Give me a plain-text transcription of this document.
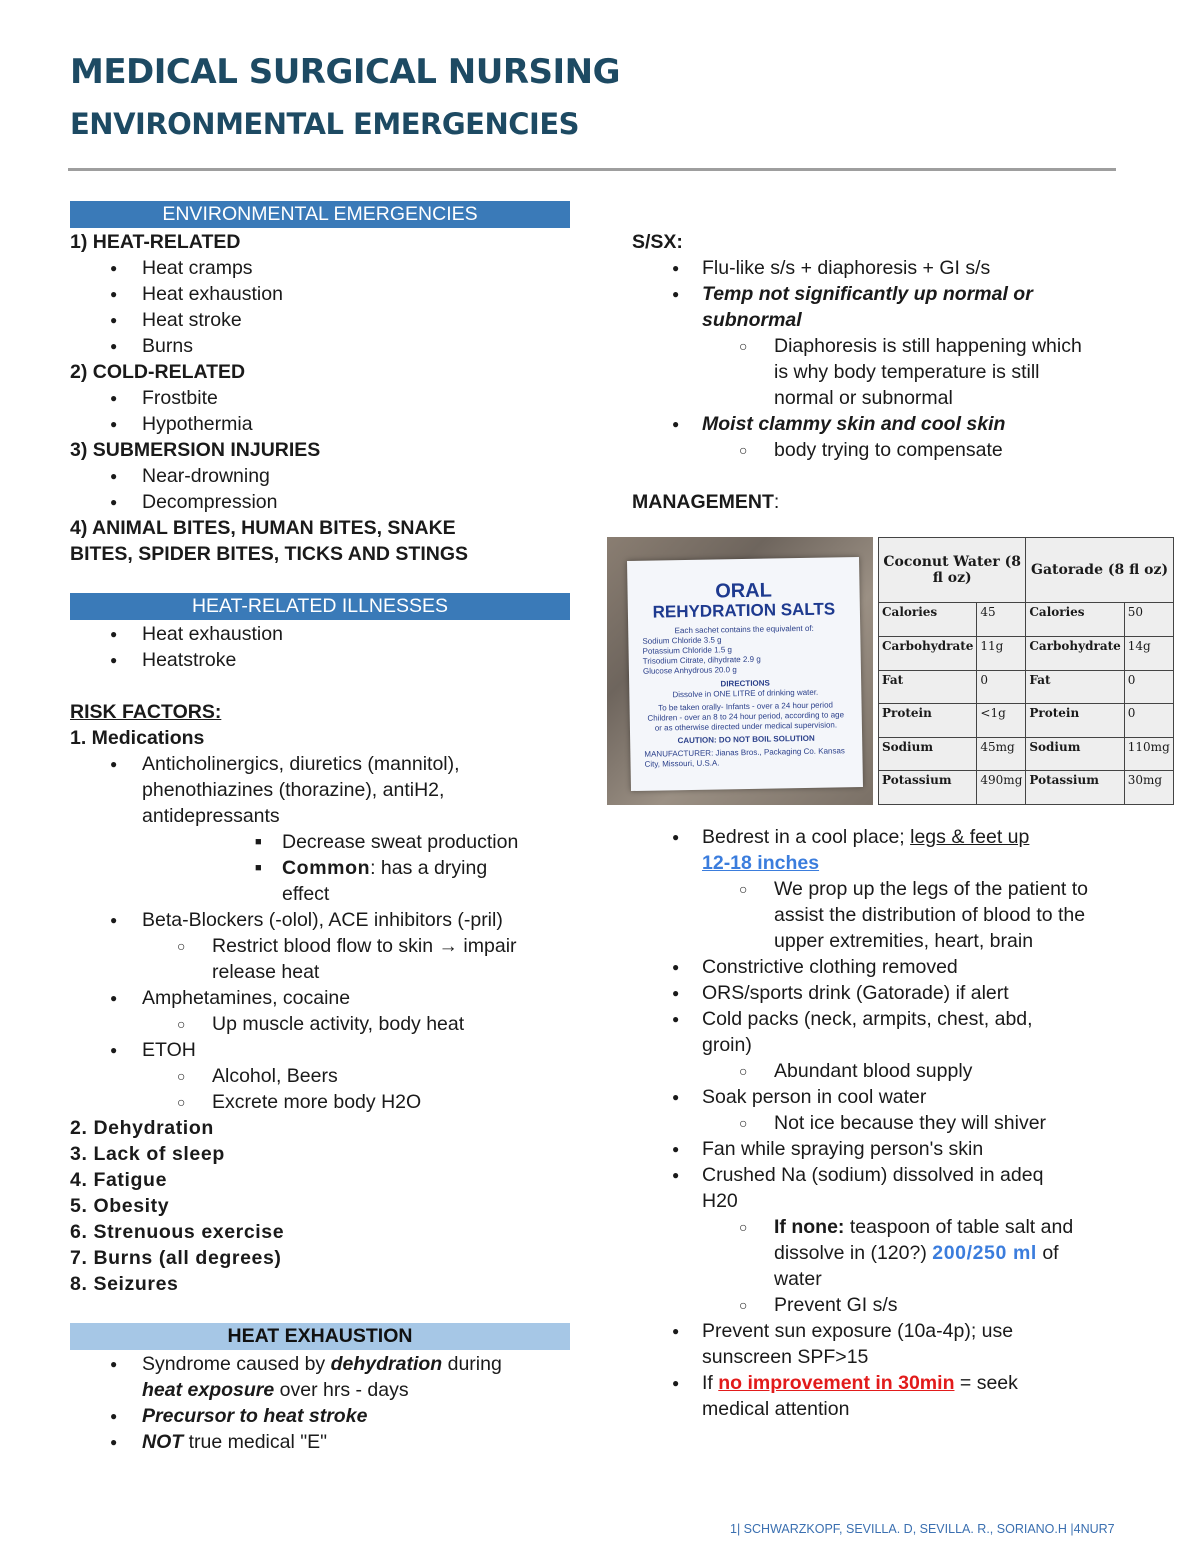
MEDICAL SURGICAL NURSING
ENVIRONMENTAL EMERGENCIES
ENVIRONMENTAL EMERGENCIES
1) HEAT-RELATED
● Heat cramps
● Heat exhaustion
● Heat stroke
● Burns
2) COLD-RELATED
● Frostbite
● Hypothermia
3) SUBMERSION INJURIES
● Near-drowning
● Decompression
4) ANIMAL BITES, HUMAN BITES, SNAKE
BITES, SPIDER BITES, TICKS AND STINGS
HEAT-RELATED ILLNESSES
● Heat exhaustion
● Heatstroke
RISK FACTORS:
1. Medications
● Anticholinergics, diuretics (mannitol),
phenothiazines (thorazine), antiH2,
antidepressants
■ Decrease sweat production
■ Common: has a drying
effect
● Beta-Blockers (-olol), ACE inhibitors (-pril)
○ Restrict blood flow to skin → impair
release heat
● Amphetamines, cocaine
○ Up muscle activity, body heat
● ETOH
○ Alcohol, Beers
○ Excrete more body H2O
2. Dehydration
3. Lack of sleep
4. Fatigue
5. Obesity
6. Strenuous exercise
7. Burns (all degrees)
8. Seizures
HEAT EXHAUSTION
● Syndrome caused by dehydration during
heat exposure over hrs - days
● Precursor to heat stroke
● NOT true medical "E"
S/SX:
● Flu-like s/s + diaphoresis + GI s/s
● Temp not significantly up normal or
subnormal
○ Diaphoresis is still happening which
is why body temperature is still
normal or subnormal
● Moist clammy skin and cool skin
○ body trying to compensate
MANAGEMENT:
ORAL
REHYDRATION SALTS
Each sachet contains the equivalent of:
Sodium Chloride 3.5 g
Potassium Chloride 1.5 g
Trisodium Citrate, dihydrate 2.9 g
Glucose Anhydrous 20.0 g
DIRECTIONS
Dissolve in ONE LITRE of drinking water.
To be taken orally- Infants - over a 24 hour period Children - over an 8 to 24 hour period, according to age or as otherwise directed under medical supervision.
CAUTION: DO NOT BOIL SOLUTION
MANUFACTURER: Jianas Bros., Packaging Co. Kansas City, Missouri, U.S.A.
Coconut Water (8 fl oz)		Gatorade (8 fl oz)	
Calories	45	Calories	50
Carbohydrate	11g	Carbohydrate	14g
Fat	0	Fat	0
Protein	<1g	Protein	0
Sodium	45mg	Sodium	110mg
Potassium	490mg	Potassium	30mg
● Bedrest in a cool place; legs & feet up
12-18 inches
○ We prop up the legs of the patient to
assist the distribution of blood to the
upper extremities, heart, brain
● Constrictive clothing removed
● ORS/sports drink (Gatorade) if alert
● Cold packs (neck, armpits, chest, abd,
groin)
○ Abundant blood supply
● Soak person in cool water
○ Not ice because they will shiver
● Fan while spraying person's skin
● Crushed Na (sodium) dissolved in adeq
H20
○ If none: teaspoon of table salt and
dissolve in (120?) 200/250 ml of
water
○ Prevent GI s/s
● Prevent sun exposure (10a-4p); use
sunscreen SPF>15
● If no improvement in 30min = seek
medical attention
1| SCHWARZKOPF, SEVILLA. D, SEVILLA. R., SORIANO.H |4NUR7
